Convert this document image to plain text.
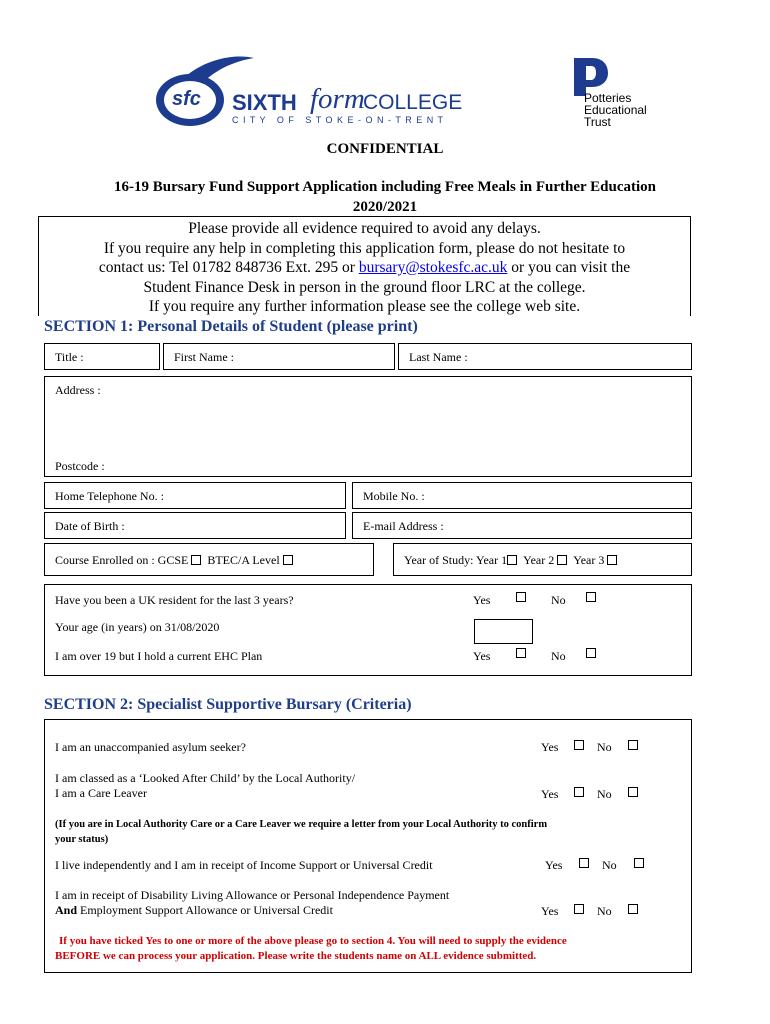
sfc SIXTH form
COLLEGE
C I T Y   O F   S T O K E - O N - T R E N T
Potteries
Educational
Trust
CONFIDENTIAL
16-19 Bursary Fund Support Application including Free Meals in Further Education
2020/2021
Please provide all evidence required to avoid any delays.
If you require any help in completing this application form, please do not hesitate to
contact us: Tel 01782 848736 Ext. 295 or bursary@stokesfc.ac.uk or you can visit the
Student Finance Desk in person in the ground floor LRC at the college.
If you require any further information please see the college web site.
SECTION 1: Personal Details of Student (please print)
Title :	First Name :	Last Name :
Address :
Postcode :
Home Telephone No. :	Mobile No. :
Date of Birth :	E-mail Address :
Course Enrolled on : GCSE BTEC/A Level	Year of Study: Year 1 Year 2 Year 3
Have you been a UK resident for the last 3 years?	Yes	No
Your age (in years) on 31/08/2020
I am over 19 but I hold a current EHC Plan	Yes	No
SECTION 2: Specialist Supportive Bursary (Criteria)
I am an unaccompanied asylum seeker?	Yes	No
I am classed as a ‘Looked After Child’ by the Local Authority/
I am a Care Leaver	Yes	No
(If you are in Local Authority Care or a Care Leaver we require a letter from your Local Authority to confirm
your status)
I live independently and I am in receipt of Income Support or Universal Credit	Yes	No
I am in receipt of Disability Living Allowance or Personal Independence Payment
And Employment Support Allowance or Universal Credit	Yes	No
If you have ticked Yes to one or more of the above please go to section 4. You will need to supply the evidence
BEFORE we can process your application. Please write the students name on ALL evidence submitted.
